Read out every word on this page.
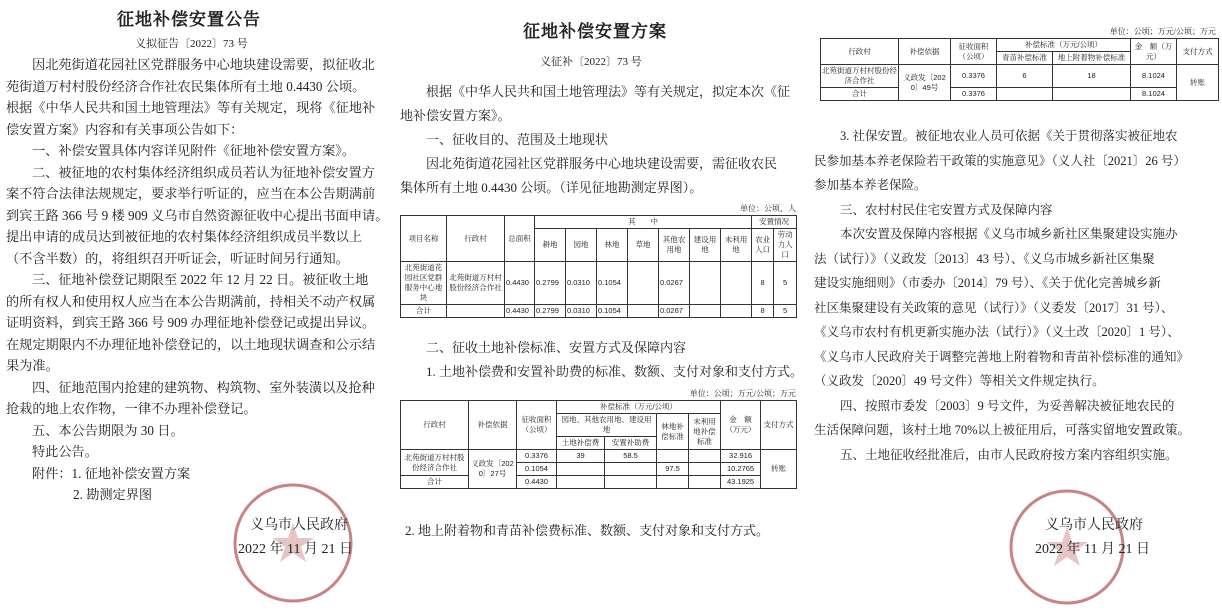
征地补偿安置公告
义拟征告〔2022〕73 号
因北苑街道花园社区党群服务中心地块建设需要，拟征收北
苑街道万村村股份经济合作社农民集体所有土地 0.4430 公顷。
根据《中华人民共和国土地管理法》等有关规定，现将《征地补
偿安置方案》内容和有关事项公告如下：
一、补偿安置具体内容详见附件《征地补偿安置方案》。
二、被征地的农村集体经济组织成员若认为征地补偿安置方
案不符合法律法规规定，要求举行听证的，应当在本公告期满前
到宾王路 366 号 9 楼 909 义乌市自然资源征收中心提出书面申请。
提出申请的成员达到被征地的农村集体经济组织成员半数以上
（不含半数）的，将组织召开听证会，听证时间另行通知。
三、征地补偿登记期限至 2022 年 12 月 22 日。被征收土地
的所有权人和使用权人应当在本公告期满前，持相关不动产权属
证明资料，到宾王路 366 号 909 办理征地补偿登记或提出异议。
在规定期限内不办理征地补偿登记的，以土地现状调查和公示结
果为准。
四、征地范围内抢建的建筑物、构筑物、室外装潢以及抢种
抢栽的地上农作物，一律不办理补偿登记。
五、本公告期限为 30 日。
特此公告。
附件：1. 征地补偿安置方案
2. 勘测定界图
义乌市人民政府
2022 年 11 月 21 日
征地补偿安置方案
义征补〔2022〕73 号
根据《中华人民共和国土地管理法》等有关规定，拟定本次《征
地补偿安置方案》。
一、征收目的、范围及土地现状
因北苑街道花园社区党群服务中心地块建设需要，需征收农民
集体所有土地 0.4430 公顷。（详见征地勘测定界图）。
单位：公顷、人
项目名称	行政村	总面积	其　　中							安置情况	
			耕地	园地	林地	草地	其他农用地	建设用地	未利用地	农业人口	劳动力人口
北苑街道花园社区党群服务中心地块	北苑街道万村村股份经济合作社	0.4430	0.2799	0.0310	0.1054		0.0267			8	5
合计		0.4430	0.2799	0.0310	0.1054		0.0267			8	5
二、征收土地补偿标准、安置方式及保障内容
1. 土地补偿费和安置补助费的标准、数额、支付对象和支付方式。
单位：公顷；万元/公顷；万元
行政村	补偿依据	征收面积（公顷）	补偿标准（万元/公顷）				金　额（万元）	支付方式
			园地、其他农用地、建设用地		林地补偿标准	未利用地补偿标准		
			土地补偿费	安置补助费				
北苑街道万村村股份经济合作社	义政发〔2020〕27号	0.3376	39	58.5			32.916	转账
		0.1054			97.5		10.2765	
合计		0.4430					43.1925	
2. 地上附着物和青苗补偿费标准、数额、支付对象和支付方式。
单位：公顷；万元/公顷；万元
行政村	补偿依据	征收面积（公顷）	补偿标准（万元/公顷）		金　额（万元）	支付方式
			青苗补偿标准	地上附着物补偿标准		
北苑街道万村村股份经济合作社	义政发〔2020〕49号	0.3376	6	18	8.1024	转账
合计		0.3376			8.1024	
3. 社保安置。被征地农业人员可依据《关于贯彻落实被征地农
民参加基本养老保险若干政策的实施意见》（义人社〔2021〕26 号）
参加基本养老保险。
三、农村村民住宅安置方式及保障内容
本次安置及保障内容根据《义乌市城乡新社区集聚建设实施办
法（试行）》（义政发〔2013〕43 号）、《义乌市城乡新社区集聚
建设实施细则》（市委办〔2014〕79 号）、《关于优化完善城乡新
社区集聚建设有关政策的意见（试行）》（义委发〔2017〕31 号）、
《义乌市农村有机更新实施办法（试行）》（义土改〔2020〕1 号）、
《义乌市人民政府关于调整完善地上附着物和青苗补偿标准的通知》
（义政发〔2020〕49 号文件）等相关文件规定执行。
四、按照市委发〔2003〕9 号文件，为妥善解决被征地农民的
生活保障问题，该村土地 70%以上被征用后，可落实留地安置政策。
五、土地征收经批准后，由市人民政府按方案内容组织实施。
义乌市人民政府
2022 年 11 月 21 日
